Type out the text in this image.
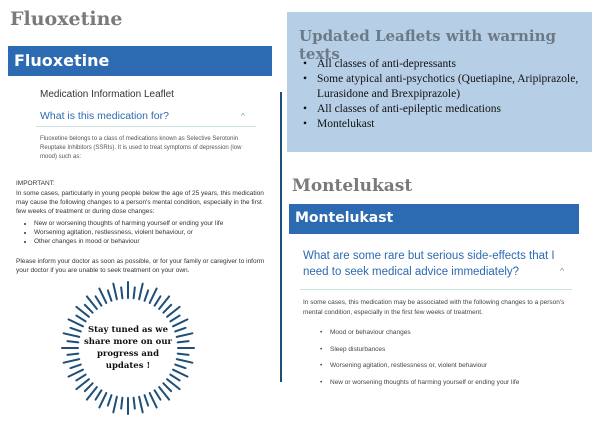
Fluoxetine
Fluoxetine
Medication Information Leaflet
What is this medication for?	^
Fluoxetine belongs to a class of medications known as Selective Serotonin Reuptake Inhibitors (SSRIs). It is used to treat symptoms of depression (low mood) such as:
IMPORTANT:
In some cases, particularly in young people below the age of 25 years, this medication may cause the following changes to a person's mental condition, especially in the first few weeks of treatment or during dose changes:
• New or worsening thoughts of harming yourself or ending your life
• Worsening agitation, restlessness, violent behaviour, or
• Other changes in mood or behaviour
Please inform your doctor as soon as possible, or for your family or caregiver to inform your doctor if you are unable to seek treatment on your own.
Stay tuned as we share more on our progress and updates !
Updated Leaflets with warning texts
• All classes of anti-depressants
• Some atypical anti-psychotics (Quetiapine, Aripiprazole, Lurasidone and Brexpiprazole)
• All classes of anti-epileptic medications
• Montelukast
Montelukast
Montelukast
What are some rare but serious side-effects that I need to seek medical advice immediately?	^
In some cases, this medication may be associated with the following changes to a person's mental condition, especially in the first few weeks of treatment.
• Mood or behaviour changes
• Sleep disturbances
• Worsening agitation, restlessness or, violent behaviour
• New or worsening thoughts of harming yourself or ending your life
